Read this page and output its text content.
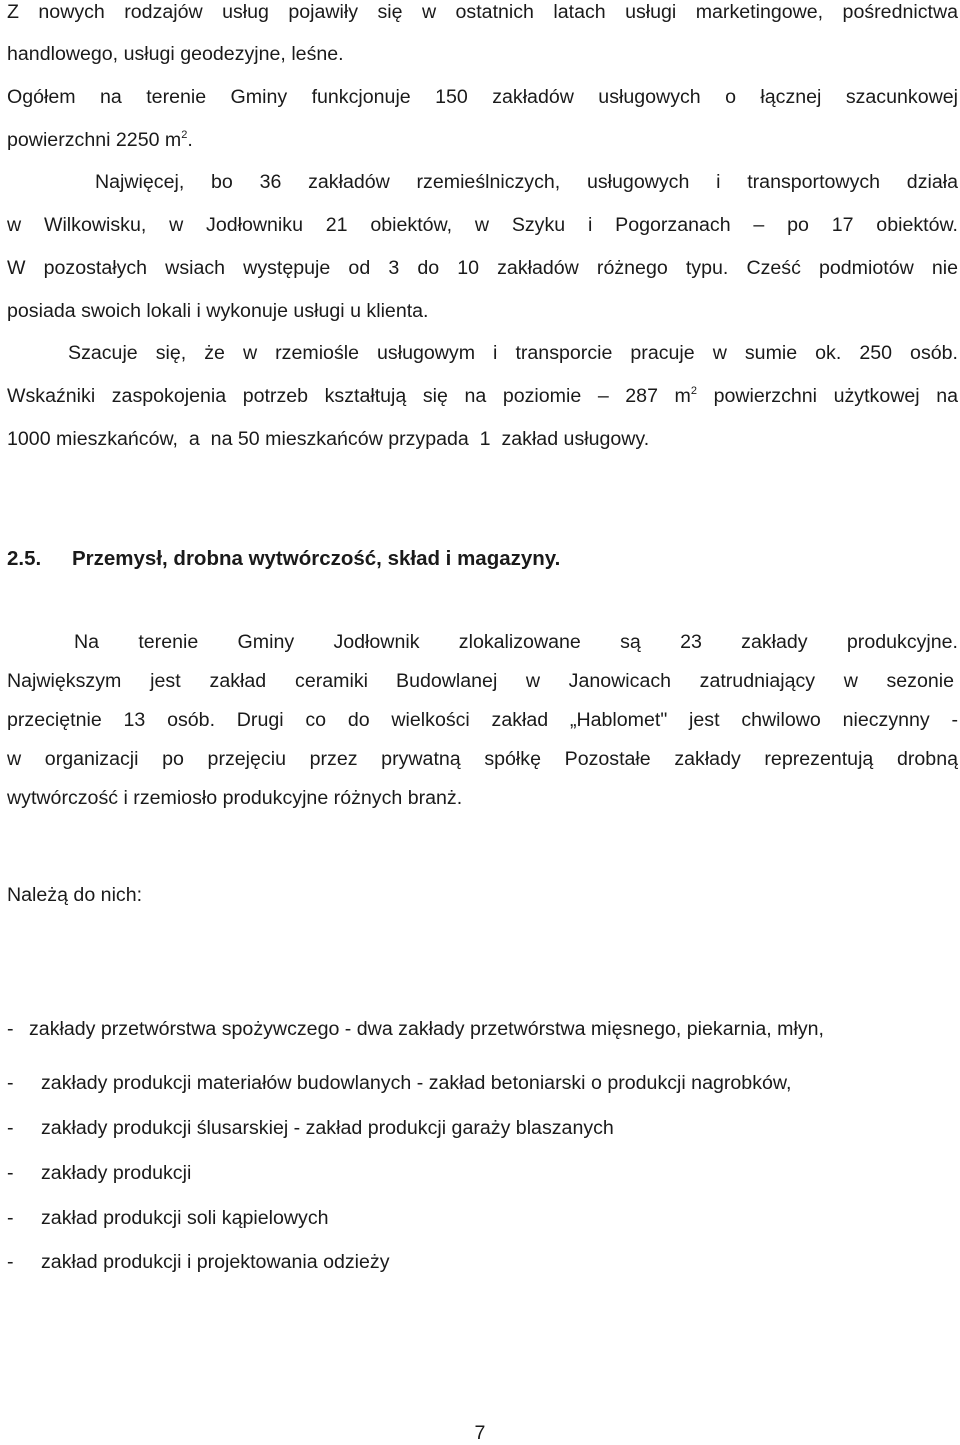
Z nowych rodzajów usług pojawiły się w ostatnich latach usługi marketingowe, pośrednictwa
handlowego, usługi geodezyjne, leśne.
Ogółem na terenie Gminy funkcjonuje 150 zakładów usługowych o łącznej szacunkowej
powierzchni 2250 $m^2$.
Najwięcej, bo 36 zakładów rzemieślniczych, usługowych i transportowych działa
w Wilkowisku, w Jodłowniku 21 obiektów, w Szyku i Pogorzanach – po 17 obiektów.
W pozostałych wsiach występuje od 3 do 10 zakładów różnego typu. Cześć podmiotów nie
posiada swoich lokali i wykonuje usługi u klienta.
Szacuje się, że w rzemiośle usługowym i transporcie pracuje w sumie ok. 250 osób.
Wskaźniki zaspokojenia potrzeb kształtują się na poziomie – 287 $m^2$ powierzchni użytkowej na
1000 mieszkańców,  a  na 50 mieszkańców przypada  1  zakład usługowy.
2.5. Przemysł, drobna wytwórczość, skład i magazyny.
Na terenie Gminy Jodłownik zlokalizowane są 23 zakłady produkcyjne.
Największym jest zakład ceramiki Budowlanej w Janowicach zatrudniający w sezonie
przeciętnie 13 osób. Drugi co do wielkości zakład „Hablomet" jest chwilowo nieczynny -
w organizacji po przejęciu przez prywatną spółkę Pozostałe zakłady reprezentują drobną
wytwórczość i rzemiosło produkcyjne różnych branż.
Należą do nich:
- zakłady przetwórstwa spożywczego - dwa zakłady przetwórstwa mięsnego, piekarnia, młyn,
- zakłady produkcji materiałów budowlanych - zakład betoniarski o produkcji nagrobków,
- zakłady produkcji ślusarskiej - zakład produkcji garaży blaszanych
- zakłady produkcji
- zakład produkcji soli kąpielowych
- zakład produkcji i projektowania odzieży
7
